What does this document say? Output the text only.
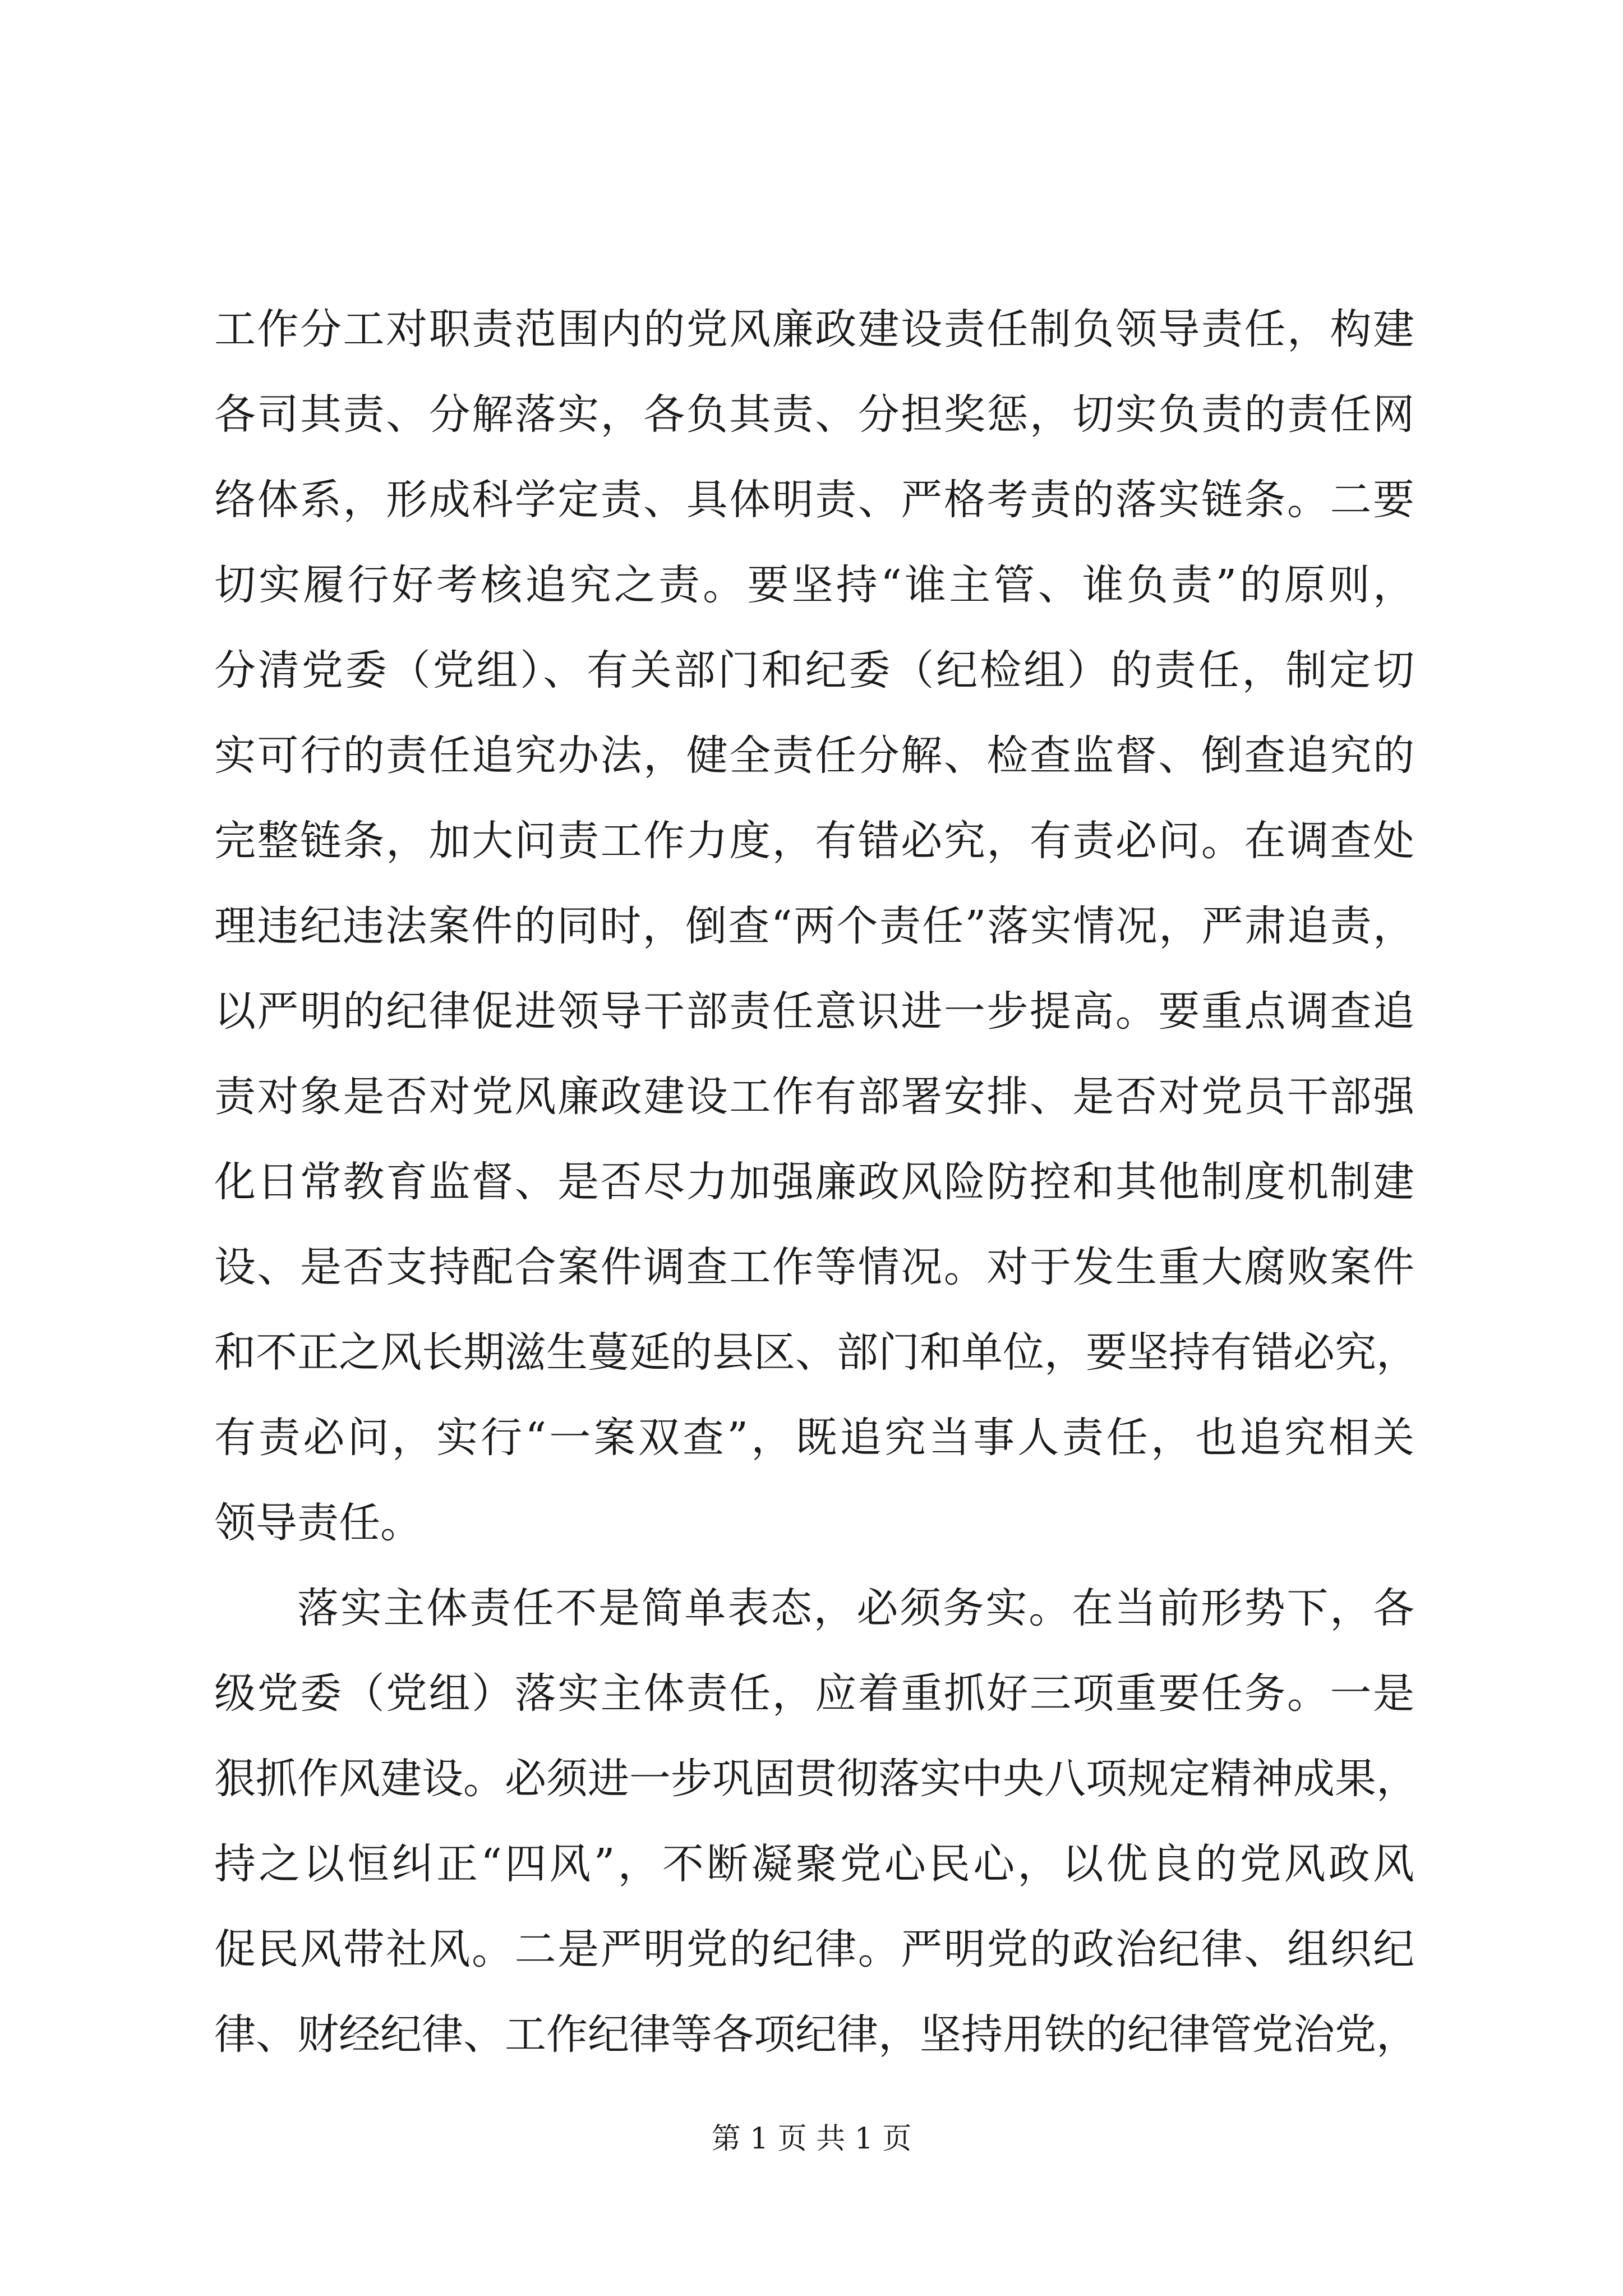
工作分工对职责范围内的党风廉政建设责任制负领导责任，构建
各司其责、分解落实，各负其责、分担奖惩，切实负责的责任网
络体系，形成科学定责、具体明责、严格考责的落实链条。二要
切实履行好考核追究之责。要坚持“谁主管、谁负责”的原则，
分清党委（党组）、有关部门和纪委（纪检组）的责任，制定切
实可行的责任追究办法，健全责任分解、检查监督、倒查追究的
完整链条，加大问责工作力度，有错必究，有责必问。在调查处
理违纪违法案件的同时，倒查“两个责任”落实情况，严肃追责，
以严明的纪律促进领导干部责任意识进一步提高。要重点调查追
责对象是否对党风廉政建设工作有部署安排、是否对党员干部强
化日常教育监督、是否尽力加强廉政风险防控和其他制度机制建
设、是否支持配合案件调查工作等情况。对于发生重大腐败案件
和不正之风长期滋生蔓延的县区、部门和单位，要坚持有错必究，
有责必问，实行“一案双查”，既追究当事人责任，也追究相关
领导责任。
落实主体责任不是简单表态，必须务实。在当前形势下，各
级党委（党组）落实主体责任，应着重抓好三项重要任务。一是
狠抓作风建设。必须进一步巩固贯彻落实中央八项规定精神成果，
持之以恒纠正“四风”，不断凝聚党心民心，以优良的党风政风
促民风带社风。二是严明党的纪律。严明党的政治纪律、组织纪
律、财经纪律、工作纪律等各项纪律，坚持用铁的纪律管党治党，
第 1 页 共 1 页
